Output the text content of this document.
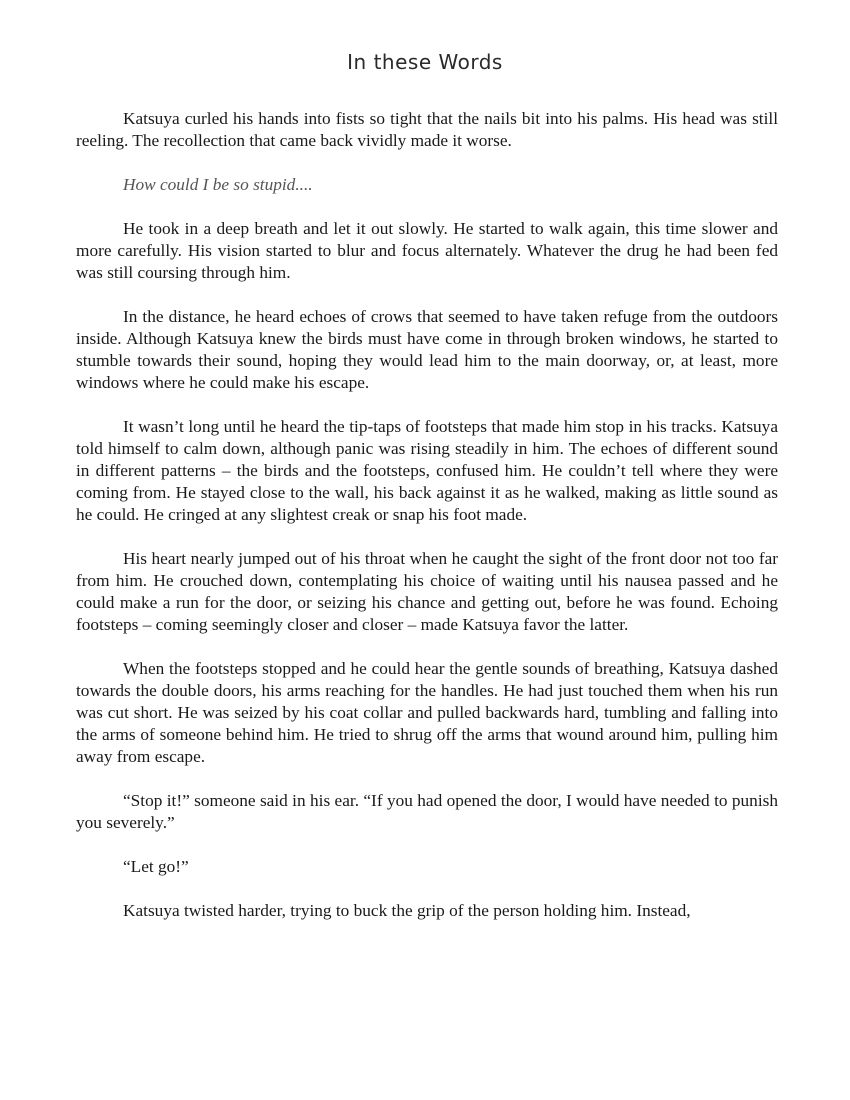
In these Words

Katsuya curled his hands into fists so tight that the nails bit into his palms. His head was still reeling. The recollection that came back vividly made it worse.

How could I be so stupid....

He took in a deep breath and let it out slowly. He started to walk again, this time slower and more carefully. His vision started to blur and focus alternately. Whatever the drug he had been fed was still coursing through him.

In the distance, he heard echoes of crows that seemed to have taken refuge from the outdoors inside. Although Katsuya knew the birds must have come in through broken windows, he started to stumble towards their sound, hoping they would lead him to the main doorway, or, at least, more windows where he could make his escape.

It wasn’t long until he heard the tip-taps of footsteps that made him stop in his tracks. Katsuya told himself to calm down, although panic was rising steadily in him. The echoes of different sound in different patterns – the birds and the footsteps, confused him. He couldn’t tell where they were coming from. He stayed close to the wall, his back against it as he walked, making as little sound as he could. He cringed at any slightest creak or snap his foot made.

His heart nearly jumped out of his throat when he caught the sight of the front door not too far from him. He crouched down, contemplating his choice of waiting until his nausea passed and he could make a run for the door, or seizing his chance and getting out, before he was found. Echoing footsteps – coming seemingly closer and closer – made Katsuya favor the latter.

When the footsteps stopped and he could hear the gentle sounds of breathing, Katsuya dashed towards the double doors, his arms reaching for the handles. He had just touched them when his run was cut short. He was seized by his coat collar and pulled backwards hard, tumbling and falling into the arms of someone behind him. He tried to shrug off the arms that wound around him, pulling him away from escape.

“Stop it!” someone said in his ear. “If you had opened the door, I would have needed to punish you severely.”

“Let go!”

Katsuya twisted harder, trying to buck the grip of the person holding him. Instead,
